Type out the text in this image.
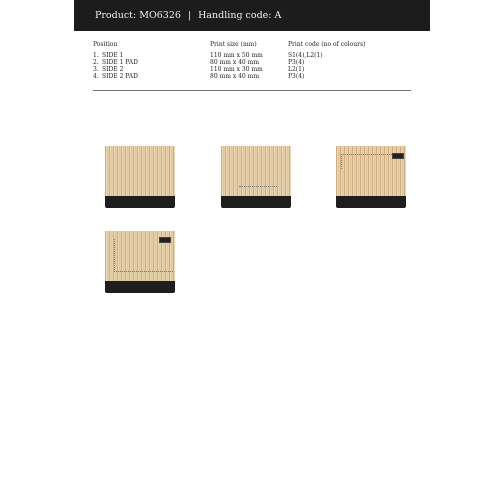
Product: MO6326 | Handling code: A
Position	Print size (mm)	Print code (no of colours)
1. SIDE 1	110 mm x 50 mm	S1(4),L2(1)
2. SIDE 1 PAD	80 mm x 40 mm	P3(4)
3. SIDE 2	110 mm x 30 mm	L2(1)
4. SIDE 2 PAD	80 mm x 40 mm	P3(4)
